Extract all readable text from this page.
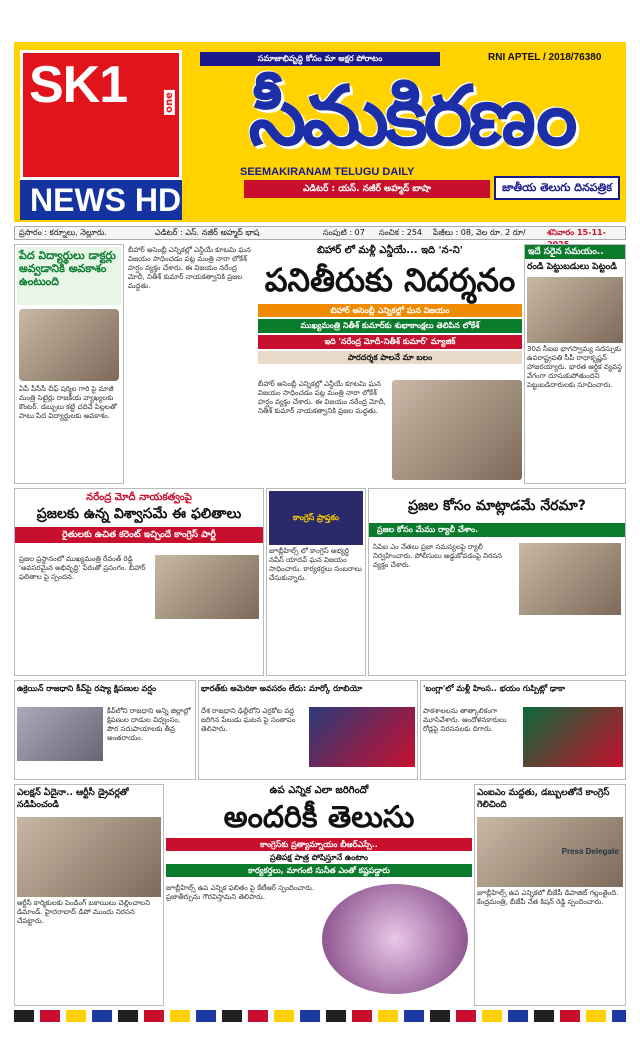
SK1	one
NEWS HD
సమాజాభివృద్ధి కోసం మా అక్షర పోరాటం	RNI APTEL / 2018/76380
సీమకిరణం
SEEMAKIRANAM TELUGU DAILY
ఎడిటర్ : యస్. నజీర్ అహ్మద్ బాషా	జాతీయ తెలుగు దినపత్రిక
ప్రసారం : కర్నూలు, నెల్లూరు.	ఎడిటర్ : ఎస్. నజీర్ అహ్మద్ భాష	సంపుటి : 07 సంచిక : 254 పేజీలు : 08, వెల రూ. 2 రూ/	శనివారం 15-11-
పేద విద్యార్థులు డాక్టర్లు అవ్వడానికి అవకాశం ఉంటుంది
ఏపీ పీసీసీ చీఫ్ షర్మిల గారి పై మాజీ మంత్రి సెటైర్లు రాజకీయ వ్యాఖ్యలకు కౌంటర్. డబ్బులు కట్టి చదివే పిల్లలతో పాటు పేద విద్యార్థులకు అవకాశం.
బీహార్ అసెంబ్లీ ఎన్నికల్లో ఎన్డీయే కూటమి ఘన విజయం సాధించడం పట్ల మంత్రి నారా లోకేశ్ హర్షం వ్యక్తం చేశారు. ఈ విజయం నరేంద్ర మోదీ, నితీశ్ కుమార్ నాయకత్వానికి ప్రజల మద్దతు.
బిహార్ లో మళ్లీ ఎన్డీయే... ఇది 'న-ని'
పనితీరుకు నిదర్శనం
బిహార్ అసెంబ్లీ ఎన్నికల్లో ఘన విజయం
ముఖ్యమంత్రి నితీశ్ కుమార్‌కు శుభాకాంక్షలు తెలిపిన లోకేశ్
ఇది 'నరేంద్ర మోదీ-నితీశ్ కుమార్' మ్యాజిక్
పారదర్శక పాలనే మా బలం
బీహార్ అసెంబ్లీ ఎన్నికల్లో ఎన్డీయే కూటమి ఘన విజయం సాధించడం పట్ల మంత్రి నారా లోకేశ్ హర్షం వ్యక్తం చేశారు. ఈ విజయం నరేంద్ర మోదీ, నితీశ్ కుమార్ నాయకత్వానికి ప్రజల మద్దతు.
ఇదే సరైన సమయం..
రండి పెట్టుబడులు పెట్టండి
30వ సీఐఐ భాగస్వామ్య సదస్సుకు ఉపరాష్ట్రపతి సీపీ రాధాకృష్ణన్ హాజరయ్యారు. భారత ఆర్థిక వ్యవస్థ వేగంగా దూసుకుపోతుందని పెట్టుబడిదారులకు సూచించారు.
నరేంద్ర మోదీ నాయకత్వంపై
ప్రజలకు ఉన్న విశ్వాసమే ఈ ఫలితాలు
రైతులకు ఉచిత కరెంట్ ఇచ్చిందే కాంగ్రెస్ పార్టీ
ప్రజల ప్రస్థానంలో ముఖ్యమంత్రి రేవంత్ రెడ్డి 'అవసరమైన అభివృద్ధి' పేరుతో ప్రసంగం. బీహార్ ఫలితాల పై స్పందన.
కాంగ్రెస్ ప్రాప్తకం
జూబ్లీహిల్స్ లో కాంగ్రెస్ అభ్యర్థి నవీన్ యాదవ్ ఘన విజయం సాధించారు. కార్యకర్తలు సంబరాలు చేసుకున్నారు.
ప్రజల కోసం మాట్లాడమే నేరమా?
ప్రజల కోసం మేము ర్యాలీ చేశాం.
సిపిఐ ఎం నేతలు ప్రజా సమస్యలపై ర్యాలీ నిర్వహించారు. పోలీసులు అడ్డుకోవడంపై నిరసన వ్యక్తం చేశారు.
ఉక్రెయిన్ రాజధాని కీవ్‌పై రష్యా క్షిపణుల వర్షం
కీవ్‌లోని రాజధాని అన్ని జిల్లాల్లో క్షిపణుల దాడుల విధ్వంసం, పౌర సదుపాయాలకు తీవ్ర అంతరాయం.
భారత్‌కు అమెరికా అవసరం లేదు: మార్కో రూబియో
దేశ రాజధాని ఢిల్లీలోని ఎర్రకోట వద్ద జరిగిన పేలుడు ఘటన పై సంతాపం తెలిపారు.
'బంగ్లా'లో మళ్లీ హింస.. భయం గుప్పిట్లో ఢాకా
పాఠశాలలను తాత్కాలికంగా మూసివేశారు. ఆందోళనకారులు రోడ్లపై నిరసనలకు దిగారు.
ఎలక్షన్ ఏదైనా.. ఆర్టీసీ డ్రైవర్లతో నడిపించండి
ఆర్టీసీ కార్మికులకు పెండింగ్ బకాయిలు చెల్లించాలని డిమాండ్. హైదరాబాద్ డిపో ముందు నిరసన చేపట్టారు.
ఉప ఎన్నిక ఎలా జరిగిందో
అందరికీ తెలుసు
కాంగ్రెస్‌కు ప్రత్యామ్నాయం బీఆర్ఎస్సే..
ప్రతిపక్ష పాత్ర పోషిస్తూనే ఉంటాం
కార్యకర్తలు, మాగంటి సునీత ఎంతో కష్టపడ్డారు
జూబ్లీహిల్స్ ఉప ఎన్నిక ఫలితం పై కేటీఆర్ స్పందించారు. ప్రజాతీర్పును గౌరవిస్తామని తెలిపారు.
ఎంఐఎం మద్దతు, డబ్బులతోనే కాంగ్రెస్ గెలిచింది
Press Delegate
జూబ్లీహిల్స్ ఉప ఎన్నికలో బీజేపీ డిపాజిట్ గల్లంతైంది. కేంద్రమంత్రి, బీజేపీ నేత కిషన్ రెడ్డి స్పందించారు.
